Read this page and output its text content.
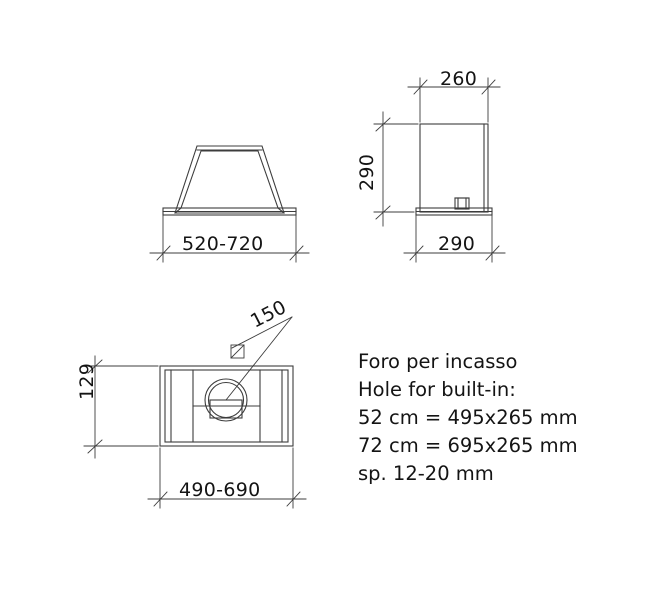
520-720
260
290
290
129
150
490-690
Foro per incasso
Hole for built-in:
52 cm = 495x265 mm
72 cm = 695x265 mm
sp. 12-20 mm
